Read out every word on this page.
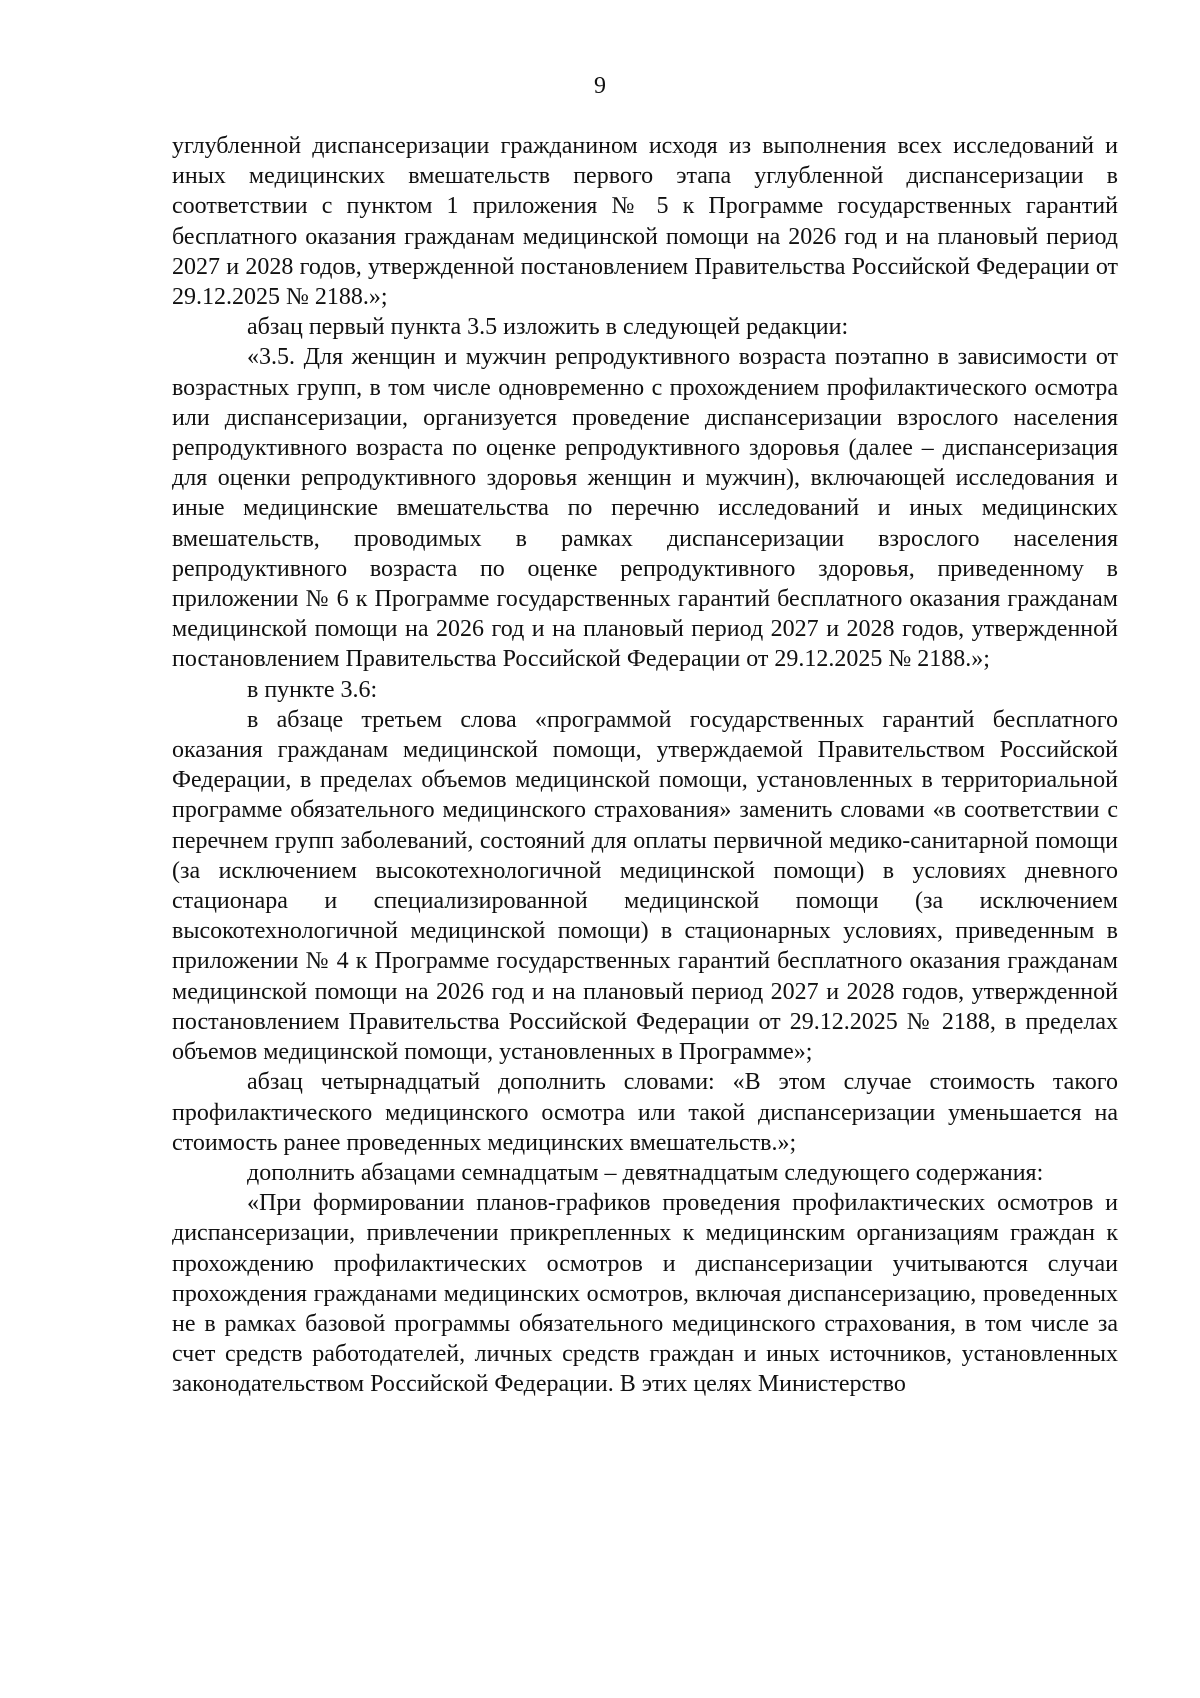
9

углубленной диспансеризации гражданином исходя из выполнения всех исследований и иных медицинских вмешательств первого этапа углубленной диспансеризации в соответствии с пунктом 1 приложения № 5 к Программе государственных гарантий бесплатного оказания гражданам медицинской помощи на 2026 год и на плановый период 2027 и 2028 годов, утвержденной постановлением Правительства Российской Федерации от 29.12.2025 № 2188.»;

абзац первый пункта 3.5 изложить в следующей редакции:

«3.5. Для женщин и мужчин репродуктивного возраста поэтапно в зависимости от возрастных групп, в том числе одновременно с прохождением профилактического осмотра или диспансеризации, организуется проведение диспансеризации взрослого населения репродуктивного возраста по оценке репродуктивного здоровья (далее – диспансеризация для оценки репродуктивного здоровья женщин и мужчин), включающей исследования и иные медицинские вмешательства по перечню исследований и иных медицинских вмешательств, проводимых в рамках диспансеризации взрослого населения репродуктивного возраста по оценке репродуктивного здоровья, приведенному в приложении № 6 к Программе государственных гарантий бесплатного оказания гражданам медицинской помощи на 2026 год и на плановый период 2027 и 2028 годов, утвержденной постановлением Правительства Российской Федерации от 29.12.2025 № 2188.»;

в пункте 3.6:

в абзаце третьем слова «программой государственных гарантий бесплатного оказания гражданам медицинской помощи, утверждаемой Правительством Российской Федерации, в пределах объемов медицинской помощи, установленных в территориальной программе обязательного медицинского страхования» заменить словами «в соответствии с перечнем групп заболеваний, состояний для оплаты первичной медико-санитарной помощи (за исключением высокотехнологичной медицинской помощи) в условиях дневного стационара и специализированной медицинской помощи (за исключением высокотехнологичной медицинской помощи) в стационарных условиях, приведенным в приложении № 4 к Программе государственных гарантий бесплатного оказания гражданам медицинской помощи на 2026 год и на плановый период 2027 и 2028 годов, утвержденной постановлением Правительства Российской Федерации от 29.12.2025 № 2188, в пределах объемов медицинской помощи, установленных в Программе»;

абзац четырнадцатый дополнить словами: «В этом случае стоимость такого профилактического медицинского осмотра или такой диспансеризации уменьшается на стоимость ранее проведенных медицинских вмешательств.»;

дополнить абзацами семнадцатым – девятнадцатым следующего содержания:

«При формировании планов-графиков проведения профилактических осмотров и диспансеризации, привлечении прикрепленных к медицинским организациям граждан к прохождению профилактических осмотров и диспансеризации учитываются случаи прохождения гражданами медицинских осмотров, включая диспансеризацию, проведенных не в рамках базовой программы обязательного медицинского страхования, в том числе за счет средств работодателей, личных средств граждан и иных источников, установленных законодательством Российской Федерации. В этих целях Министерство
